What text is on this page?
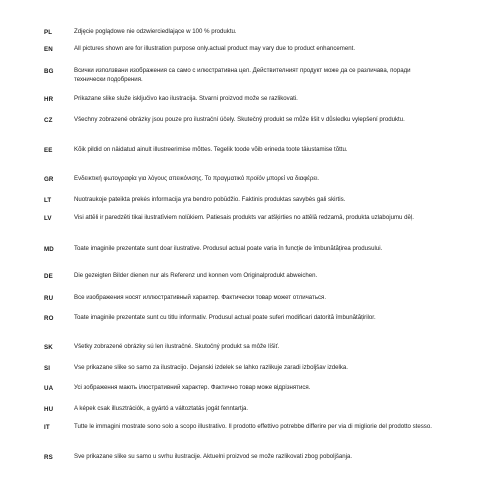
PL	Zdjęcie poglądowe nie odzwierciedlające w 100 % produktu.
EN	All pictures shown are for illustration purpose only.actual product may vary due to product enhancement.
BG	Всички използвани изображения са само с илюстративна цел. Действителният продукт може да се различава, поради технически подобрения.
HR	Prikazane slike služe isključivo kao ilustracija. Stvarni proizvod može se razlikovati.
CZ	Všechny zobrazené obrázky jsou pouze pro ilustrační účely. Skutečný produkt se může lišit v důsledku vylepšení produktu.
EE	Kõik pildid on näidatud ainult illustreerimise mõttes. Tegelik toode võib erineda toote täiustamise tõttu.
GR	Ενδεικτική φωτογραφία για λόγους απεικόνισης. Το πραγματικό προϊόν μπορεί να διαφέρει.
LT	Nuotraukoje pateikta prekės informacija yra bendro pobūdžio. Faktinis produktas savybės gali skirtis.
LV	Visi attēli ir paredzēti tikai ilustratīviem nolūkiem. Patiesais produkts var atšķirties no attēlā redzamā, produkta uzlabojumu dēļ.
MD	Toate imaginile prezentate sunt doar ilustrative. Produsul actual poate varia în funcție de îmbunătățirea produsului.
DE	Die gezeigten Bilder dienen nur als Referenz und konnen vom Originalprodukt abweichen.
RU	Все изображения носят иллюстративный характер. Фактически товар может отличаться.
RO	Toate imaginile prezentate sunt cu titlu informativ. Produsul actual poate suferi modificari datorită îmbunătățirilor.
SK	Všetky zobrazené obrázky sú len ilustračné. Skutočný produkt sa môže líšiť.
SI	Vse prikazane slike so samo za ilustracijo. Dejanski izdelek se lahko razlikuje zaradi izboljšav izdelka.
UA	Усі зображення мають ілюстративний характер. Фактично товар може відрізнятися.
HU	A képek csak illusztrációk, a gyártó a változtatás jogát fenntartja.
IT	Tutte le immagini mostrate sono solo a scopo illustrativo. Il prodotto effettivo potrebbe differire per via di migliorie del prodotto stesso.
RS	Sve prikazane slike su samo u svrhu ilustracije. Aktuelni proizvod se može razlikovati zbog poboljšanja.
